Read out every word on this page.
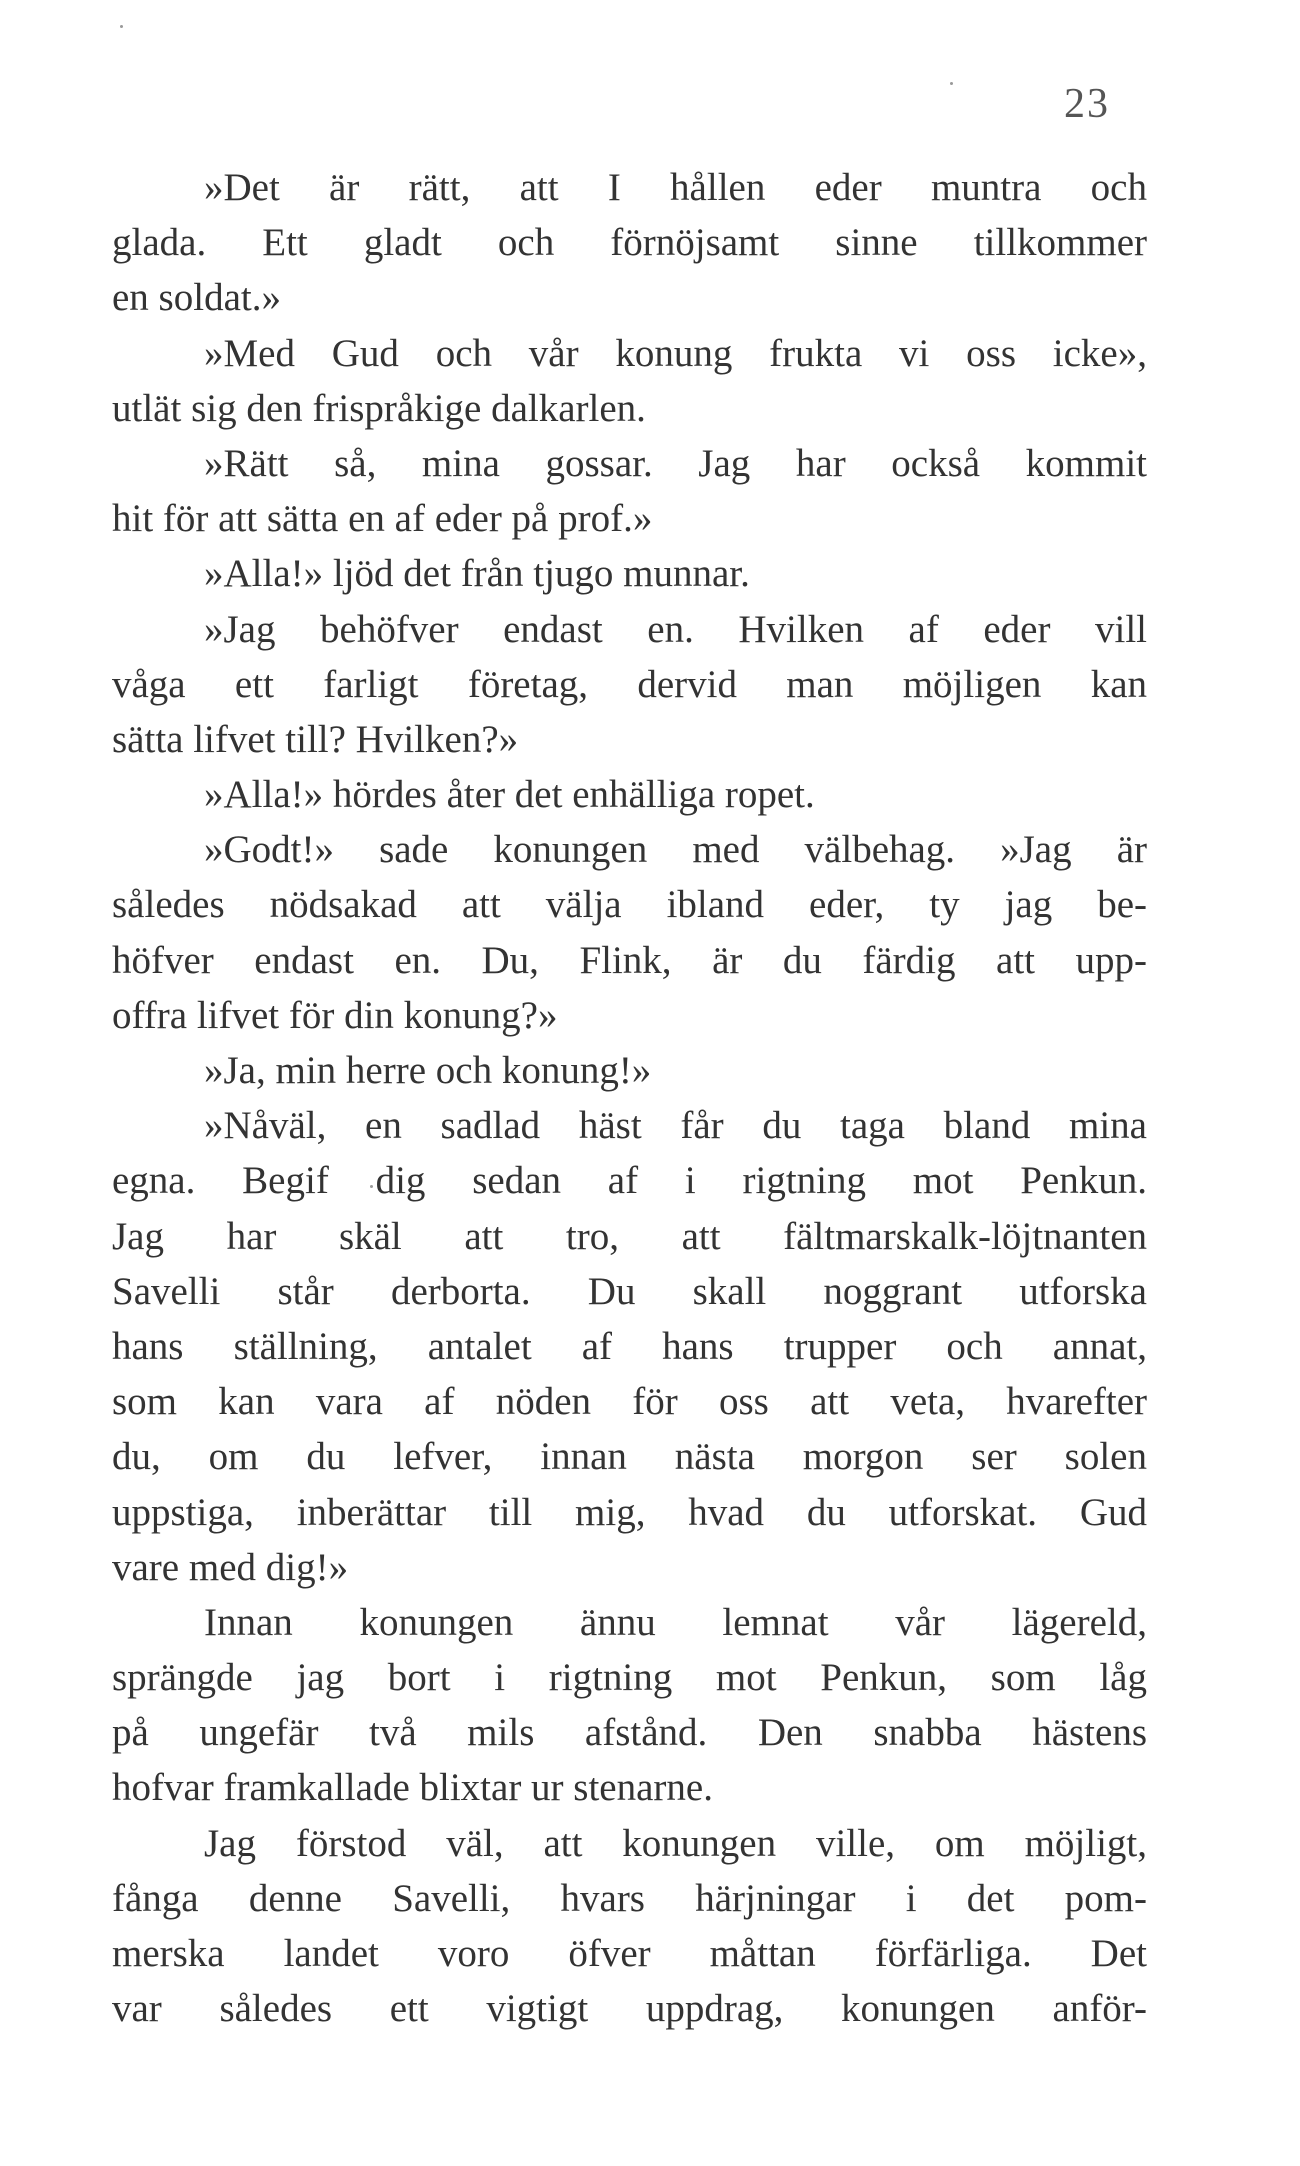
23
»Det är rätt, att I hållen eder muntra och
glada. Ett gladt och förnöjsamt sinne tillkommer
en soldat.»
»Med Gud och vår konung frukta vi oss icke»,
utlät sig den frispråkige dalkarlen.
»Rätt så, mina gossar. Jag har också kommit
hit för att sätta en af eder på prof.»
»Alla!» ljöd det från tjugo munnar.
»Jag behöfver endast en. Hvilken af eder vill
våga ett farligt företag, dervid man möjligen kan
sätta lifvet till? Hvilken?»
»Alla!» hördes åter det enhälliga ropet.
»Godt!» sade konungen med välbehag. »Jag är
således nödsakad att välja ibland eder, ty jag be-
höfver endast en. Du, Flink, är du färdig att upp-
offra lifvet för din konung?»
»Ja, min herre och konung!»
»Nåväl, en sadlad häst får du taga bland mina
egna. Begif dig sedan af i rigtning mot Penkun.
Jag har skäl att tro, att fältmarskalk-löjtnanten
Savelli står derborta. Du skall noggrant utforska
hans ställning, antalet af hans trupper och annat,
som kan vara af nöden för oss att veta, hvarefter
du, om du lefver, innan nästa morgon ser solen
uppstiga, inberättar till mig, hvad du utforskat. Gud
vare med dig!»
Innan konungen ännu lemnat vår lägereld,
sprängde jag bort i rigtning mot Penkun, som låg
på ungefär två mils afstånd. Den snabba hästens
hofvar framkallade blixtar ur stenarne.
Jag förstod väl, att konungen ville, om möjligt,
fånga denne Savelli, hvars härjningar i det pom-
merska landet voro öfver måttan förfärliga. Det
var således ett vigtigt uppdrag, konungen anför-
